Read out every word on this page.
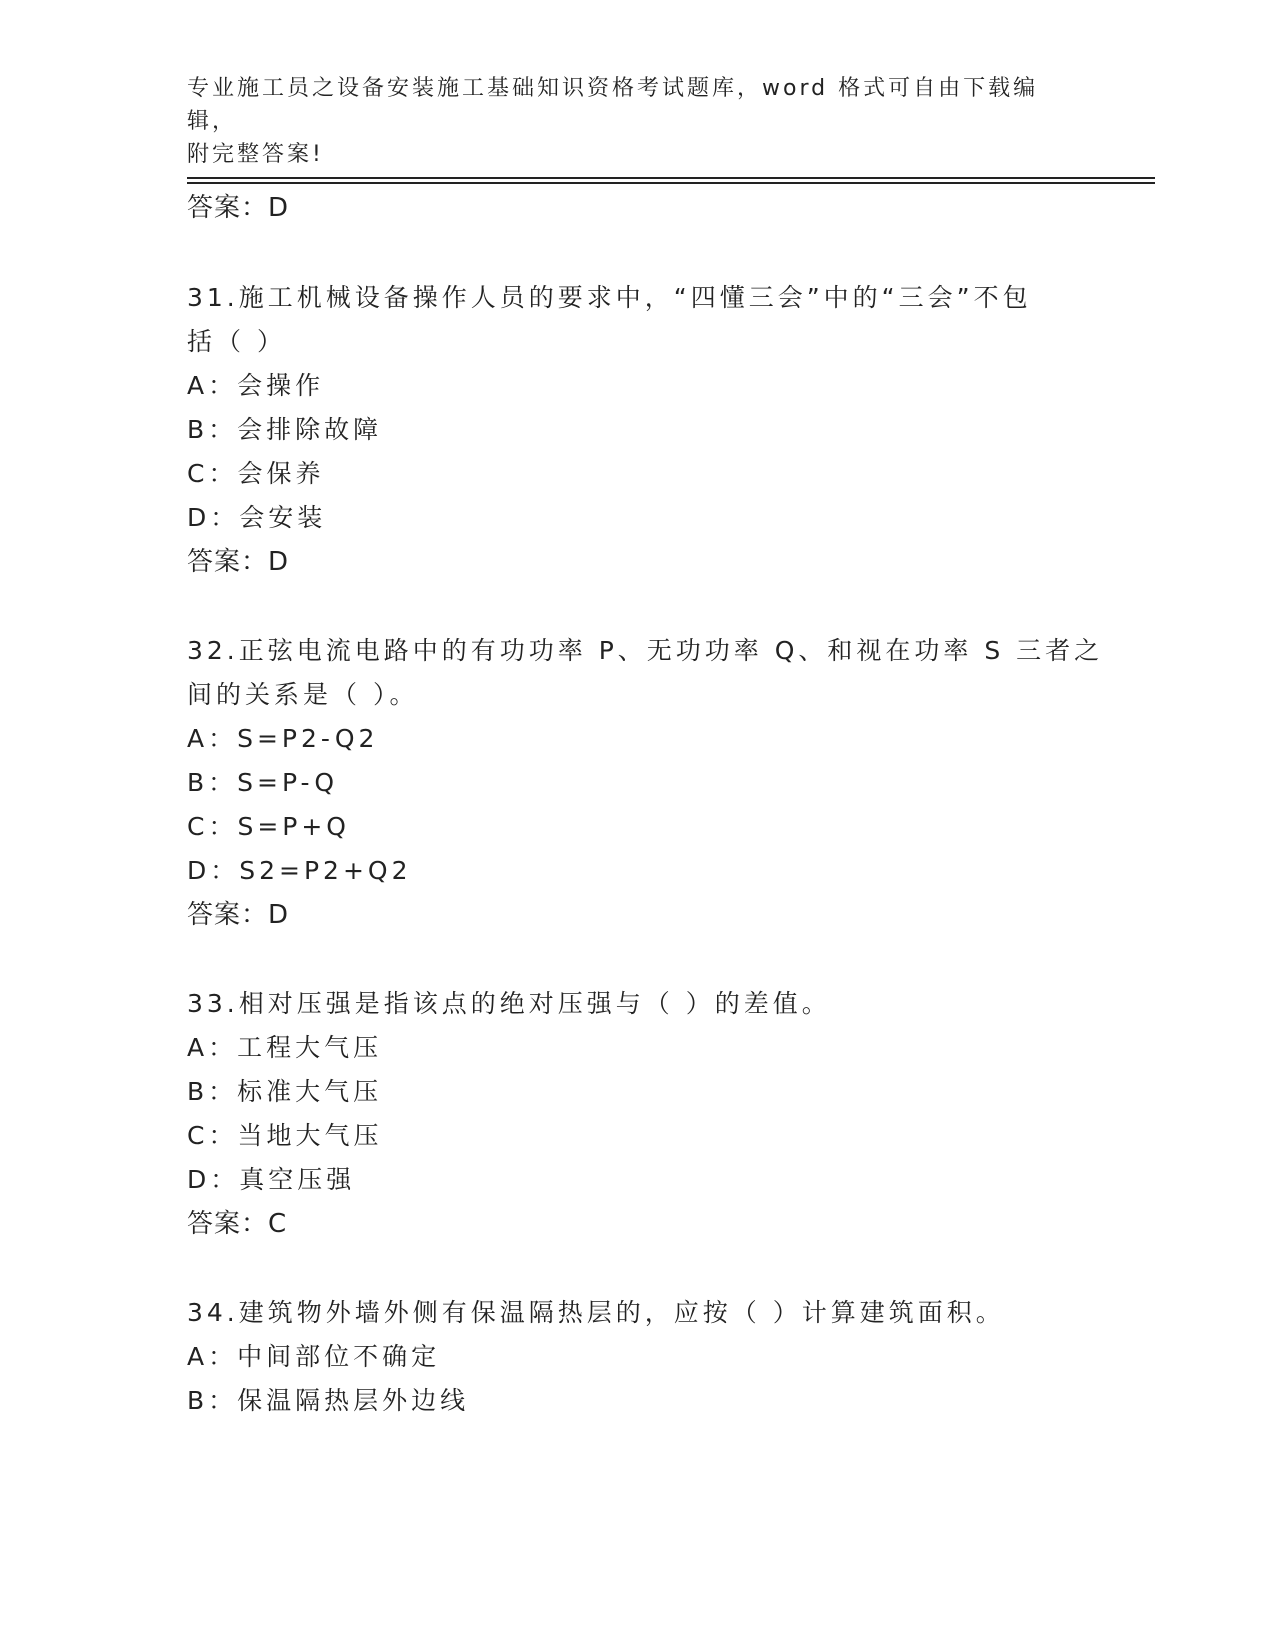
专业施工员之设备安装施工基础知识资格考试题库，word 格式可自由下载编辑，
附完整答案!
答案：D
31.施工机械设备操作人员的要求中，“四懂三会”中的“三会”不包
括（ ）
A：会操作
B：会排除故障
C：会保养
D：会安装
答案：D
32.正弦电流电路中的有功功率 P、无功功率 Q、和视在功率 S 三者之
间的关系是（ ）。
A：S=P2-Q2
B：S=P-Q
C：S=P+Q
D：S2=P2+Q2
答案：D
33.相对压强是指该点的绝对压强与（ ）的差值。
A：工程大气压
B：标准大气压
C：当地大气压
D：真空压强
答案：C
34.建筑物外墙外侧有保温隔热层的，应按（ ）计算建筑面积。
A：中间部位不确定
B：保温隔热层外边线
